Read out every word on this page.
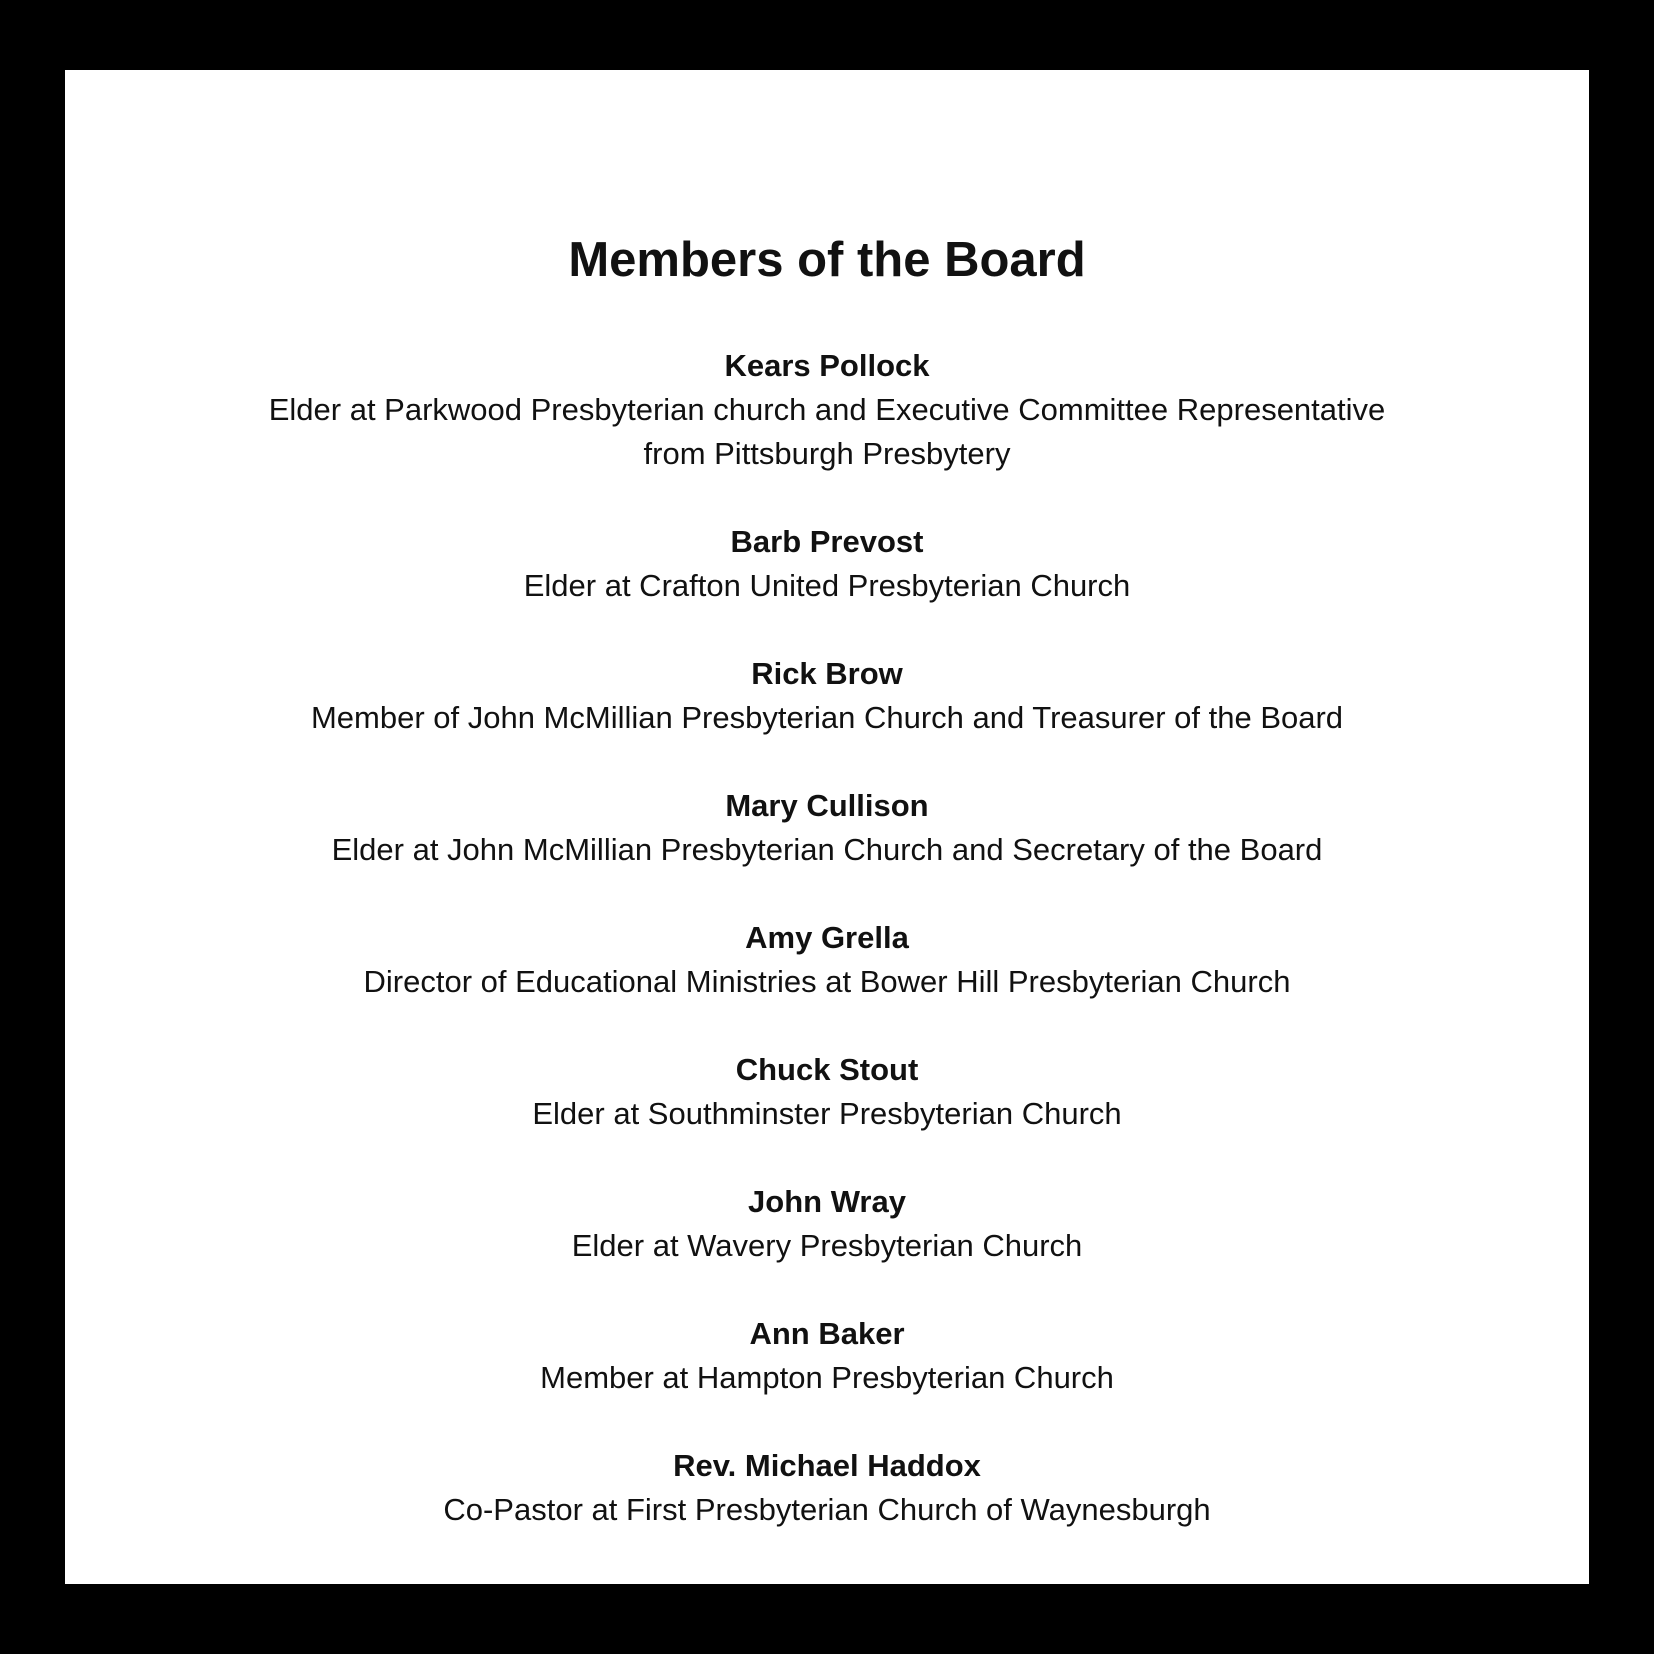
Members of the Board
Kears Pollock
Elder at Parkwood Presbyterian church and Executive Committee Representative
from Pittsburgh Presbytery
Barb Prevost
Elder at Crafton United Presbyterian Church
Rick Brow
Member of John McMillian Presbyterian Church and Treasurer of the Board
Mary Cullison
Elder at John McMillian Presbyterian Church and Secretary of the Board
Amy Grella
Director of Educational Ministries at Bower Hill Presbyterian Church
Chuck Stout
Elder at Southminster Presbyterian Church
John Wray
Elder at Wavery Presbyterian Church
Ann Baker
Member at Hampton Presbyterian Church
Rev. Michael Haddox
Co-Pastor at First Presbyterian Church of Waynesburgh
